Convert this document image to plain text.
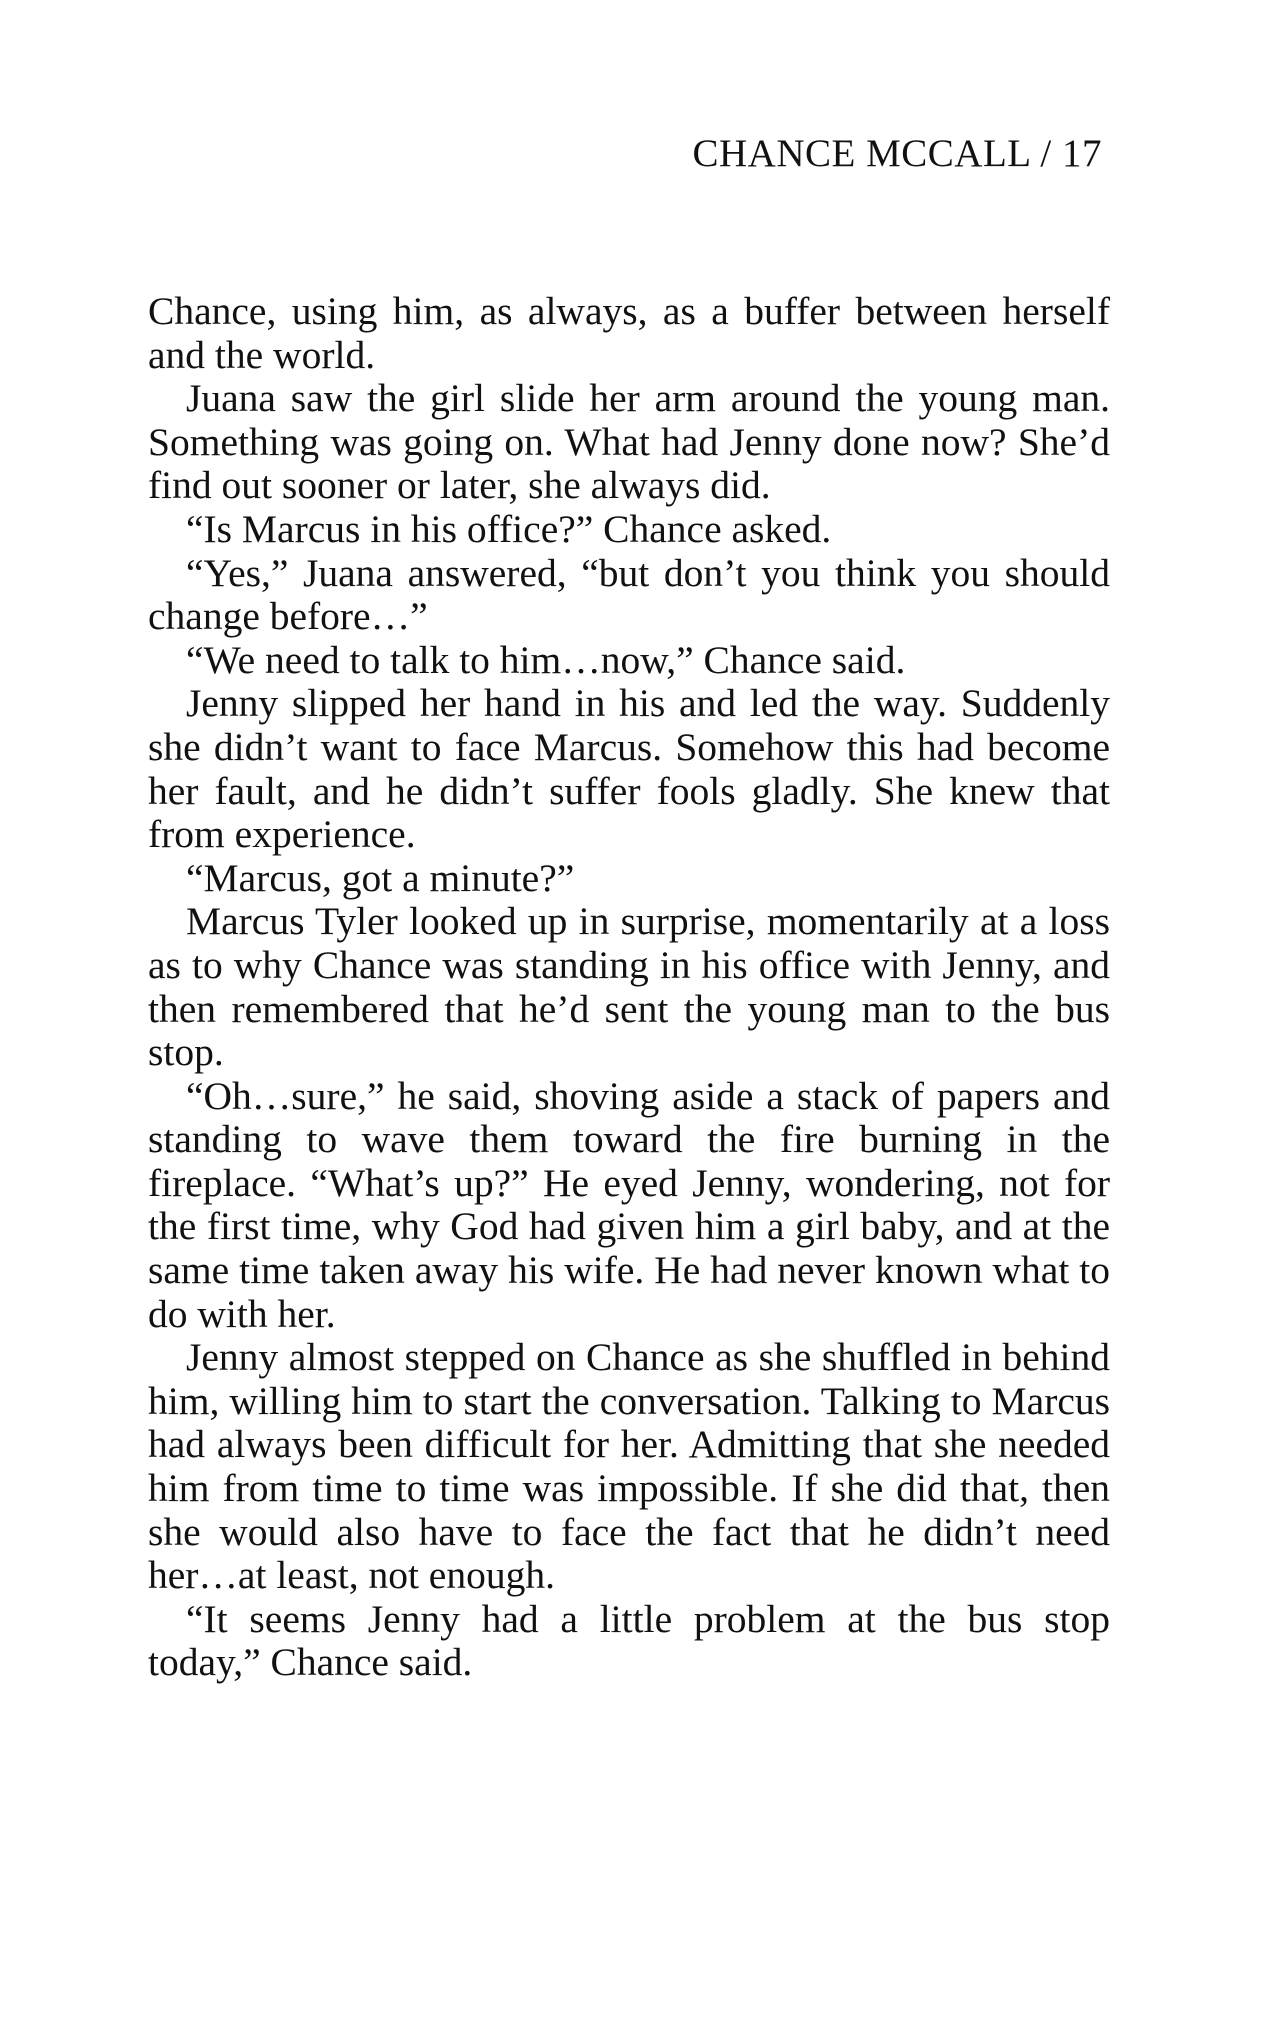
CHANCE MCCALL / 17

Chance, using him, as always, as a buffer between herself and the world.

Juana saw the girl slide her arm around the young man. Something was going on. What had Jenny done now? She’d find out sooner or later, she always did.

“Is Marcus in his office?” Chance asked.

“Yes,” Juana answered, “but don’t you think you should change before…”

“We need to talk to him…now,” Chance said.

Jenny slipped her hand in his and led the way. Suddenly she didn’t want to face Marcus. Somehow this had become her fault, and he didn’t suffer fools gladly. She knew that from experience.

“Marcus, got a minute?”

Marcus Tyler looked up in surprise, momentarily at a loss as to why Chance was standing in his office with Jenny, and then remembered that he’d sent the young man to the bus stop.

“Oh…sure,” he said, shoving aside a stack of papers and standing to wave them toward the fire burning in the fireplace. “What’s up?” He eyed Jenny, wondering, not for the first time, why God had given him a girl baby, and at the same time taken away his wife. He had never known what to do with her.

Jenny almost stepped on Chance as she shuffled in behind him, willing him to start the conversation. Talking to Marcus had always been difficult for her. Admitting that she needed him from time to time was impossible. If she did that, then she would also have to face the fact that he didn’t need her…at least, not enough.

“It seems Jenny had a little problem at the bus stop today,” Chance said.
